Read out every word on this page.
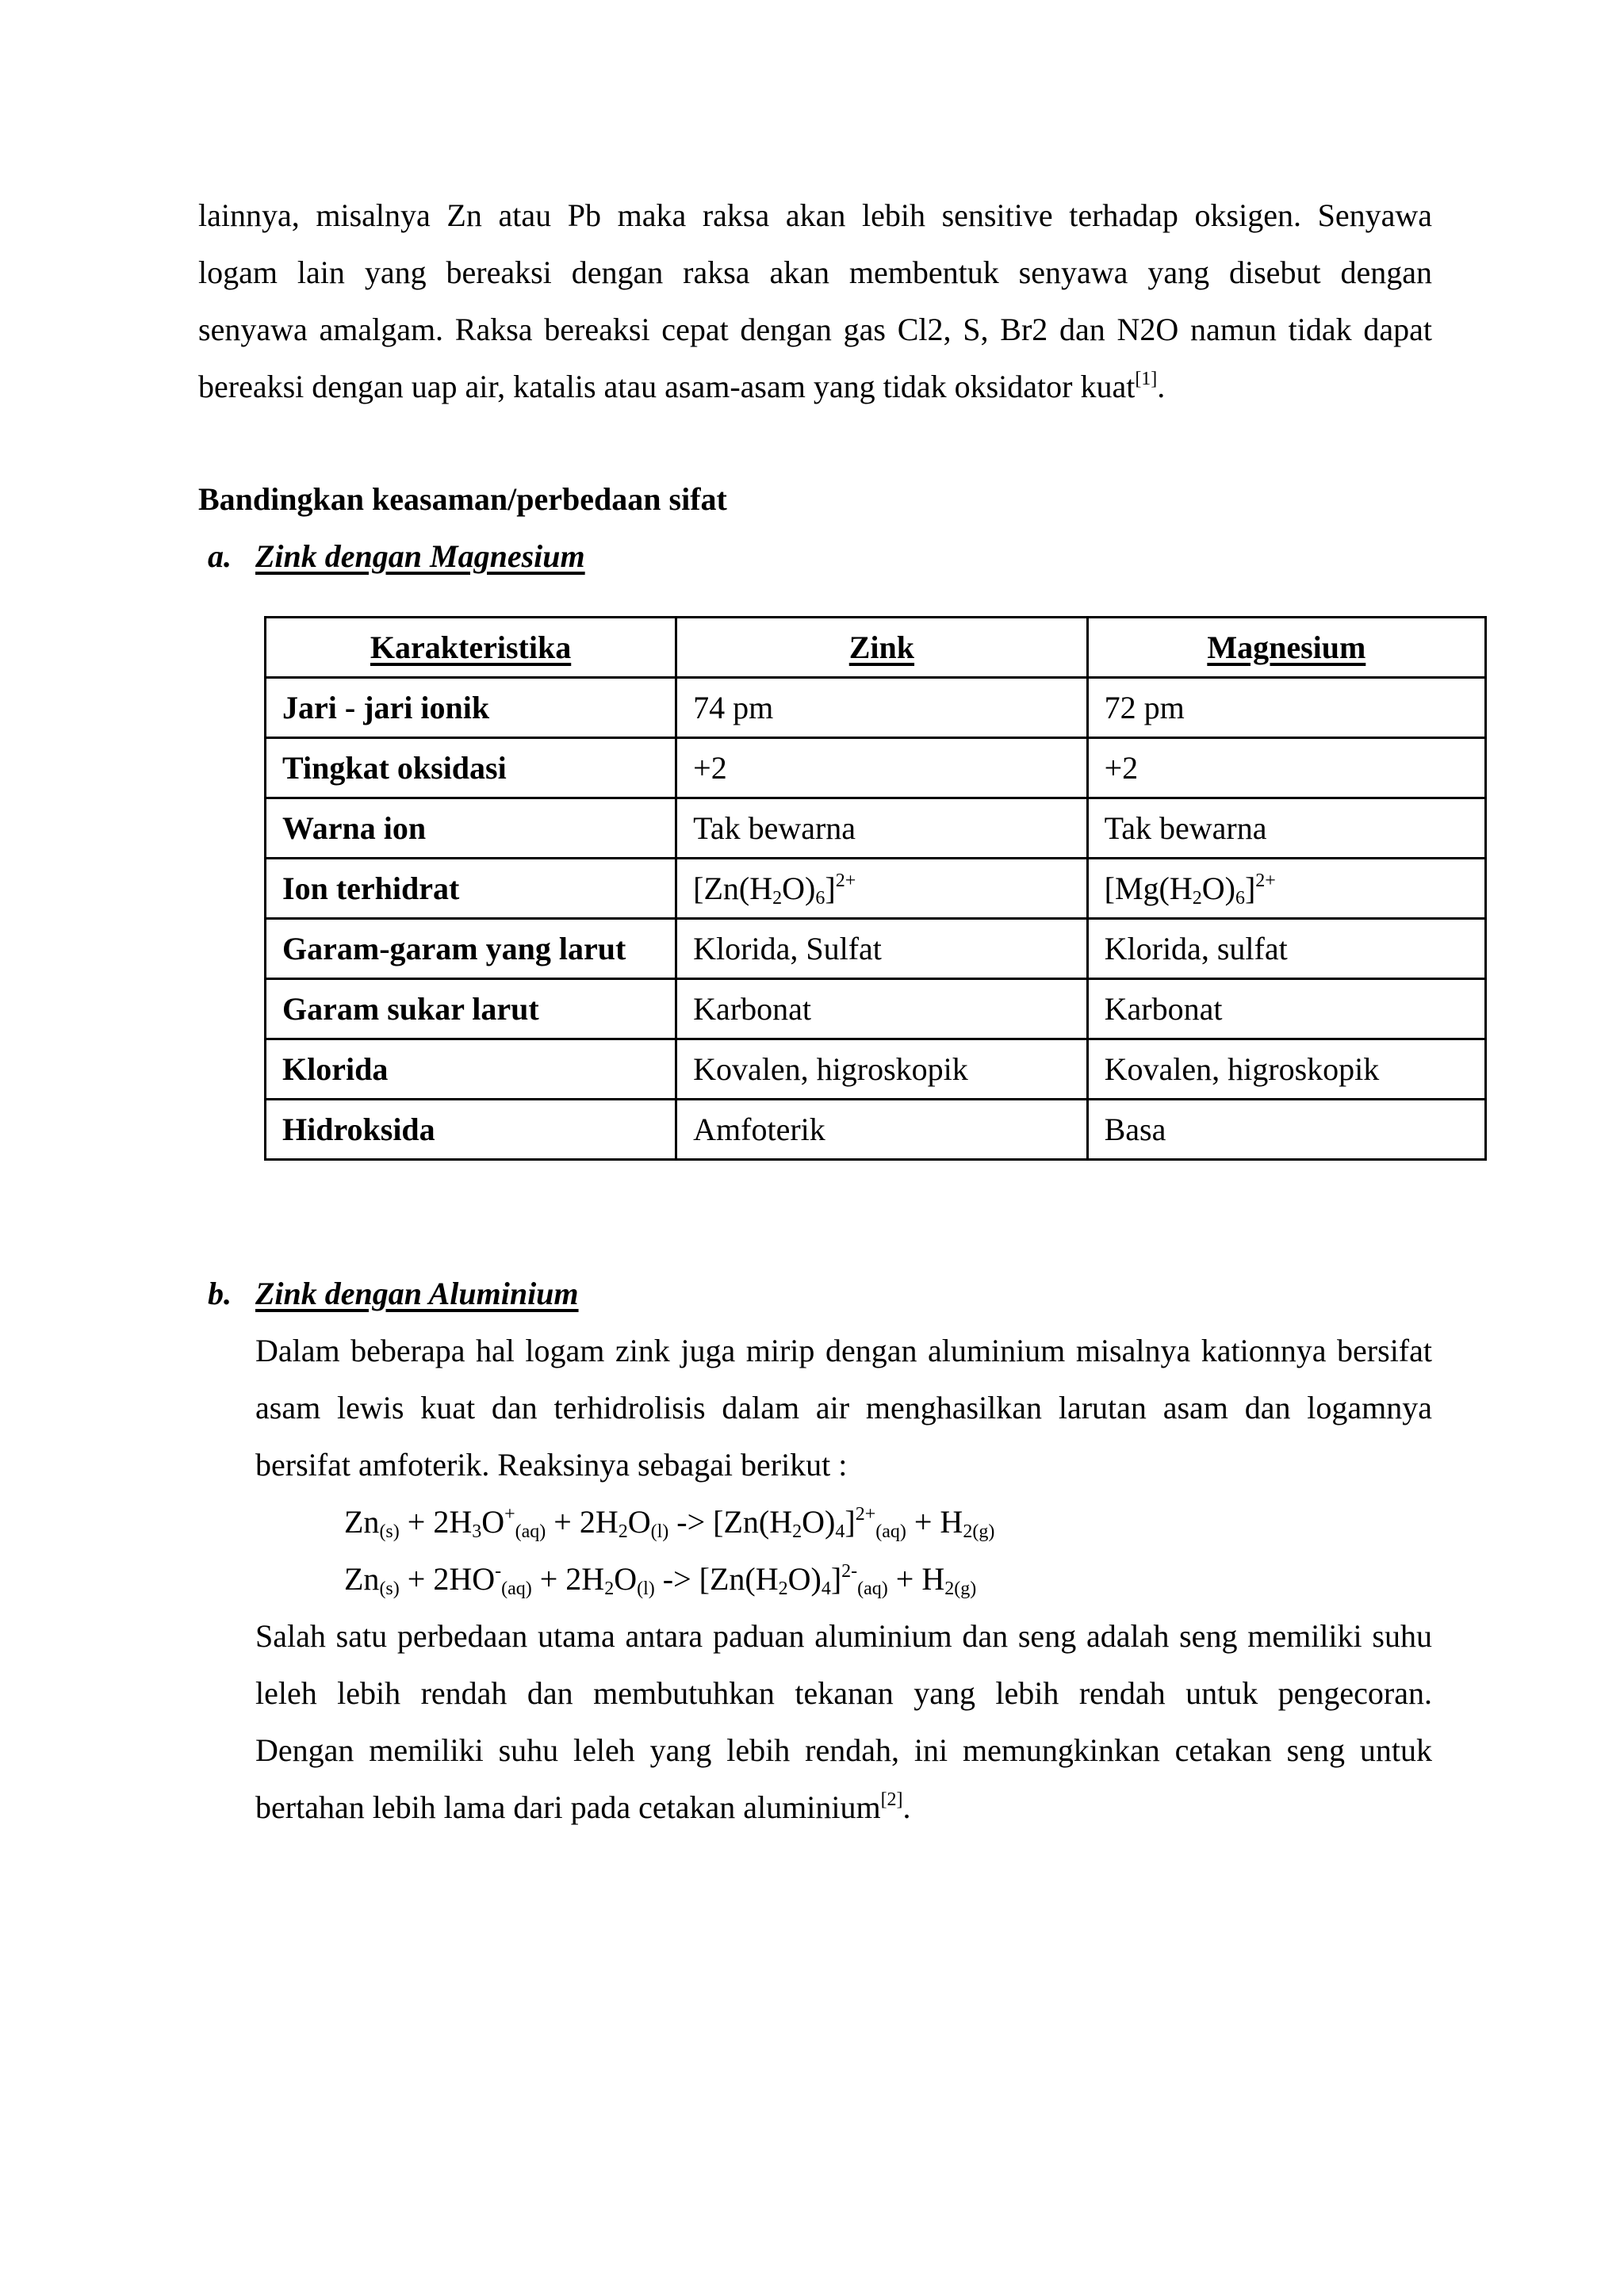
lainnya, misalnya Zn atau Pb maka raksa akan lebih sensitive terhadap oksigen. Senyawa
logam lain yang bereaksi dengan raksa akan membentuk senyawa yang disebut dengan
senyawa amalgam. Raksa bereaksi cepat dengan gas Cl2, S, Br2 dan N2O namun tidak dapat
bereaksi dengan uap air, katalis atau asam-asam yang tidak oksidator kuat[1].

Bandingkan keasaman/perbedaan sifat

a. Zink dengan Magnesium

Karakteristika	Zink	Magnesium
Jari - jari ionik	74 pm	72 pm
Tingkat oksidasi	+2	+2
Warna ion	Tak bewarna	Tak bewarna
Ion terhidrat	$[Zn(H_2O)_6]^{2+}$	$[Mg(H_2O)_6]^{2+}$
Garam-garam yang larut	Klorida, Sulfat	Klorida, sulfat
Garam sukar larut	Karbonat	Karbonat
Klorida	Kovalen, higroskopik	Kovalen, higroskopik
Hidroksida	Amfoterik	Basa

b. Zink dengan Aluminium

Dalam beberapa hal logam zink juga mirip dengan aluminium misalnya kationnya bersifat
asam lewis kuat dan terhidrolisis dalam air menghasilkan larutan asam dan logamnya
bersifat amfoterik. Reaksinya sebagai berikut :

$Zn_{(s)} + 2H_3O^+_{(aq)} + 2H_2O_{(l)} -> [Zn(H_2O)_4]^{2+}_{(aq)} + H_{2(g)}$

$Zn_{(s)} + 2HO^-_{(aq)} + 2H_2O_{(l)} -> [Zn(H_2O)_4]^{2-}_{(aq)} + H_{2(g)}$

Salah satu perbedaan utama antara paduan aluminium dan seng adalah seng memiliki suhu
leleh lebih rendah dan membutuhkan tekanan yang lebih rendah untuk pengecoran.
Dengan memiliki suhu leleh yang lebih rendah, ini memungkinkan cetakan seng untuk
bertahan lebih lama dari pada cetakan aluminium[2].
